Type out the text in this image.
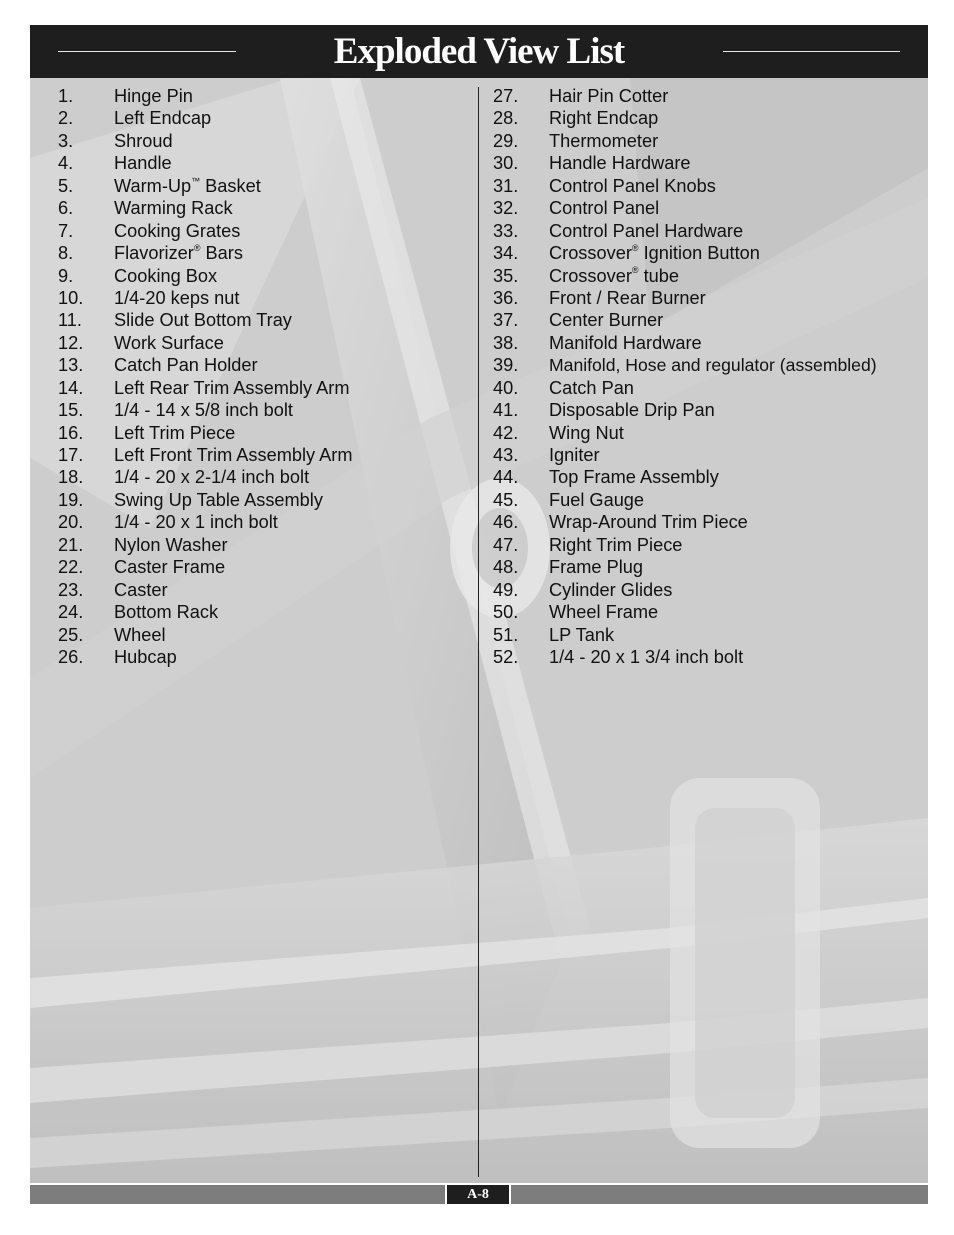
Exploded View List
1. Hinge Pin
2. Left Endcap
3. Shroud
4. Handle
5. Warm-Up™ Basket
6. Warming Rack
7. Cooking Grates
8. Flavorizer® Bars
9. Cooking Box
10. 1/4-20 keps nut
11. Slide Out Bottom Tray
12. Work Surface
13. Catch Pan Holder
14. Left Rear Trim Assembly Arm
15. 1/4 - 14 x 5/8 inch bolt
16. Left Trim Piece
17. Left Front Trim Assembly Arm
18. 1/4 - 20 x 2-1/4 inch bolt
19. Swing Up Table Assembly
20. 1/4 - 20 x 1 inch bolt
21. Nylon Washer
22. Caster Frame
23. Caster
24. Bottom Rack
25. Wheel
26. Hubcap
27. Hair Pin Cotter
28. Right Endcap
29. Thermometer
30. Handle Hardware
31. Control Panel Knobs
32. Control Panel
33. Control Panel Hardware
34. Crossover® Ignition Button
35. Crossover® tube
36. Front / Rear Burner
37. Center Burner
38. Manifold Hardware
39. Manifold, Hose and regulator (assembled)
40. Catch Pan
41. Disposable Drip Pan
42. Wing Nut
43. Igniter
44. Top Frame Assembly
45. Fuel Gauge
46. Wrap-Around Trim Piece
47. Right Trim Piece
48. Frame Plug
49. Cylinder Glides
50. Wheel Frame
51. LP Tank
52. 1/4 - 20 x 1 3/4 inch bolt
A-8
